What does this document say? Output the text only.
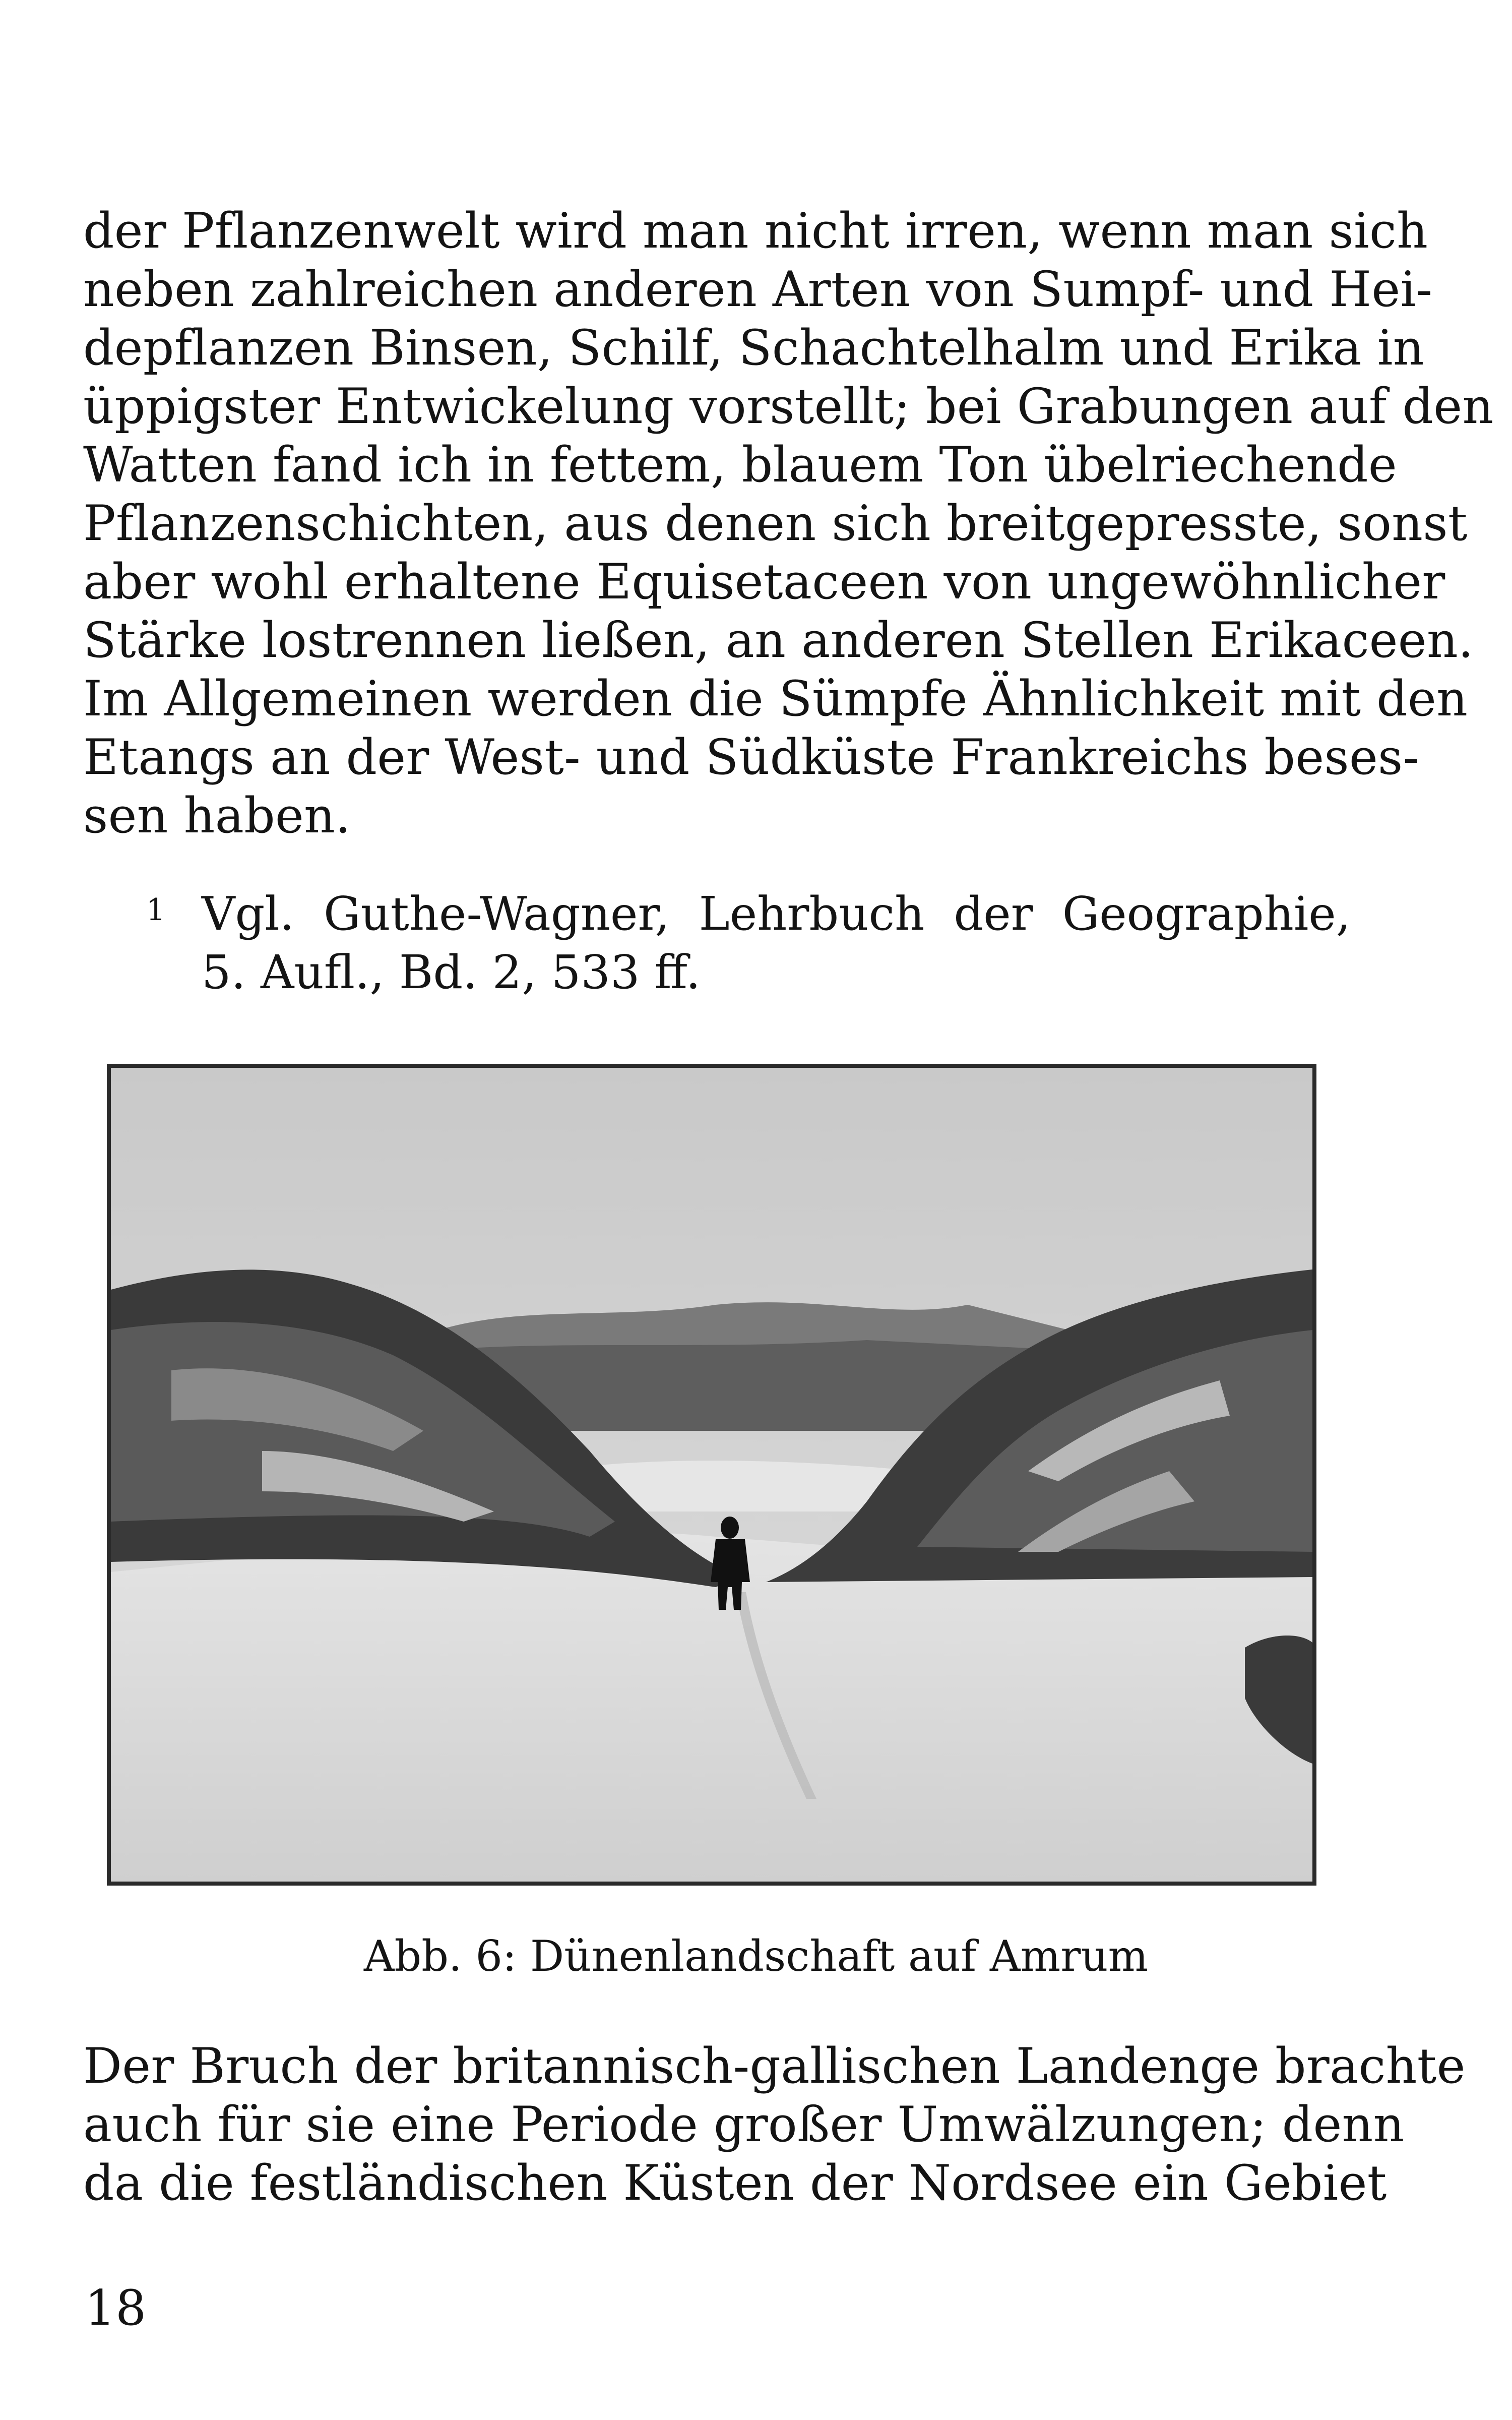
der Pflanzenwelt wird man nicht irren, wenn man sich
neben zahlreichen anderen Arten von Sumpf- und Hei-
depflanzen Binsen, Schilf, Schachtelhalm und Erika in
üppigster Entwickelung vorstellt; bei Grabungen auf den
Watten fand ich in fettem, blauem Ton übelriechende
Pflanzenschichten, aus denen sich breitgepresste, sonst
aber wohl erhaltene Equisetaceen von ungewöhnlicher
Stärke lostrennen ließen, an anderen Stellen Erikaceen.
Im Allgemeinen werden die Sümpfe Ähnlichkeit mit den
Etangs an der West- und Südküste Frankreichs beses-
sen haben.
1 Vgl. Guthe-Wagner, Lehrbuch der Geographie,
5. Aufl., Bd. 2, 533 ff.
Abb. 6: Dünenlandschaft auf Amrum
Der Bruch der britannisch-gallischen Landenge brachte
auch für sie eine Periode großer Umwälzungen; denn
da die festländischen Küsten der Nordsee ein Gebiet
18
